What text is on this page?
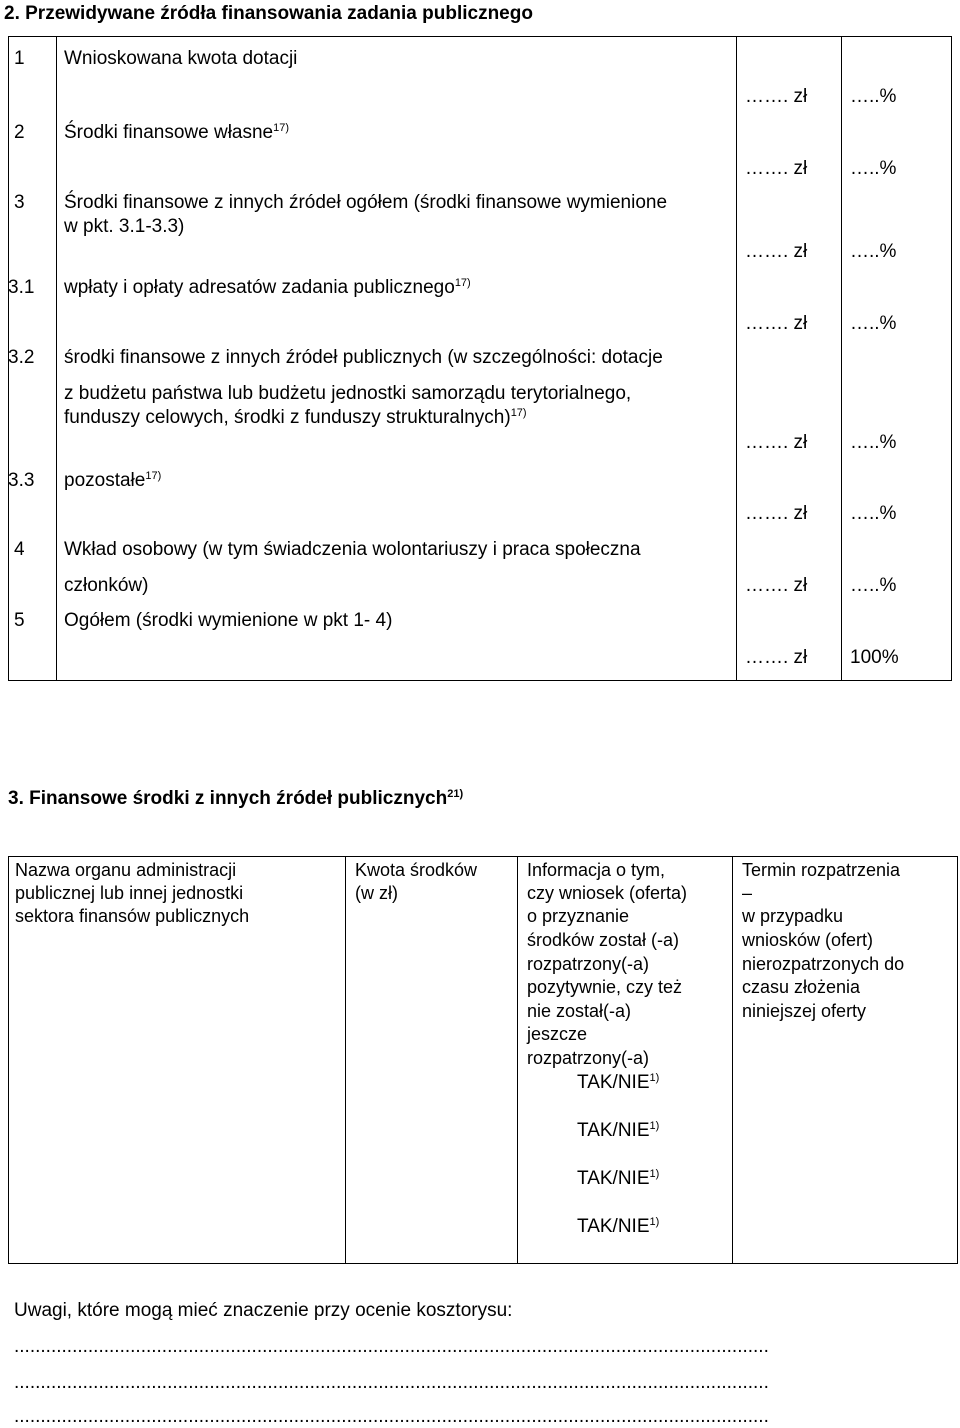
2. Przewidywane źródła finansowania zadania publicznego
1 Wnioskowana kwota dotacji
2 Środki finansowe własne$^{17)}$
3 Środki finansowe z innych źródeł ogółem (środki finansowe wymienione
w pkt. 3.1-3.3)
3.1 wpłaty i opłaty adresatów zadania publicznego$^{17)}$
3.2 środki finansowe z innych źródeł publicznych (w szczególności: dotacje
z budżetu państwa lub budżetu jednostki samorządu terytorialnego,
funduszy celowych, środki z funduszy strukturalnych)$^{17)}$
3.3 pozostałe$^{17)}$
4 Wkład osobowy (w tym świadczenia wolontariuszy i praca społeczna
członków)
5 Ogółem (środki wymienione w pkt 1- 4)
……. zł
……. zł
……. zł
……. zł
……. zł
……. zł
……. zł
……. zł
…..%
…..%
…..%
…..%
…..%
…..%
…..%
100%
3. Finansowe środki z innych źródeł publicznych$^{21)}$
Nazwa organu administracji
publicznej lub innej jednostki
sektora finansów publicznych
Kwota środków
(w zł)
Informacja o tym,
czy wniosek (oferta)
o przyznanie
środków został (-a)
rozpatrzony(-a)
pozytywnie, czy też
nie został(-a)
jeszcze
rozpatrzony(-a)
Termin rozpatrzenia
–
w przypadku
wniosków (ofert)
nierozpatrzonych do
czasu złożenia
niniejszej oferty
TAK/NIE$^{1)}$
TAK/NIE$^{1)}$
TAK/NIE$^{1)}$
TAK/NIE$^{1)}$
Uwagi, które mogą mieć znaczenie przy ocenie kosztorysu:
...............................................................................................................................................
...............................................................................................................................................
...............................................................................................................................................
